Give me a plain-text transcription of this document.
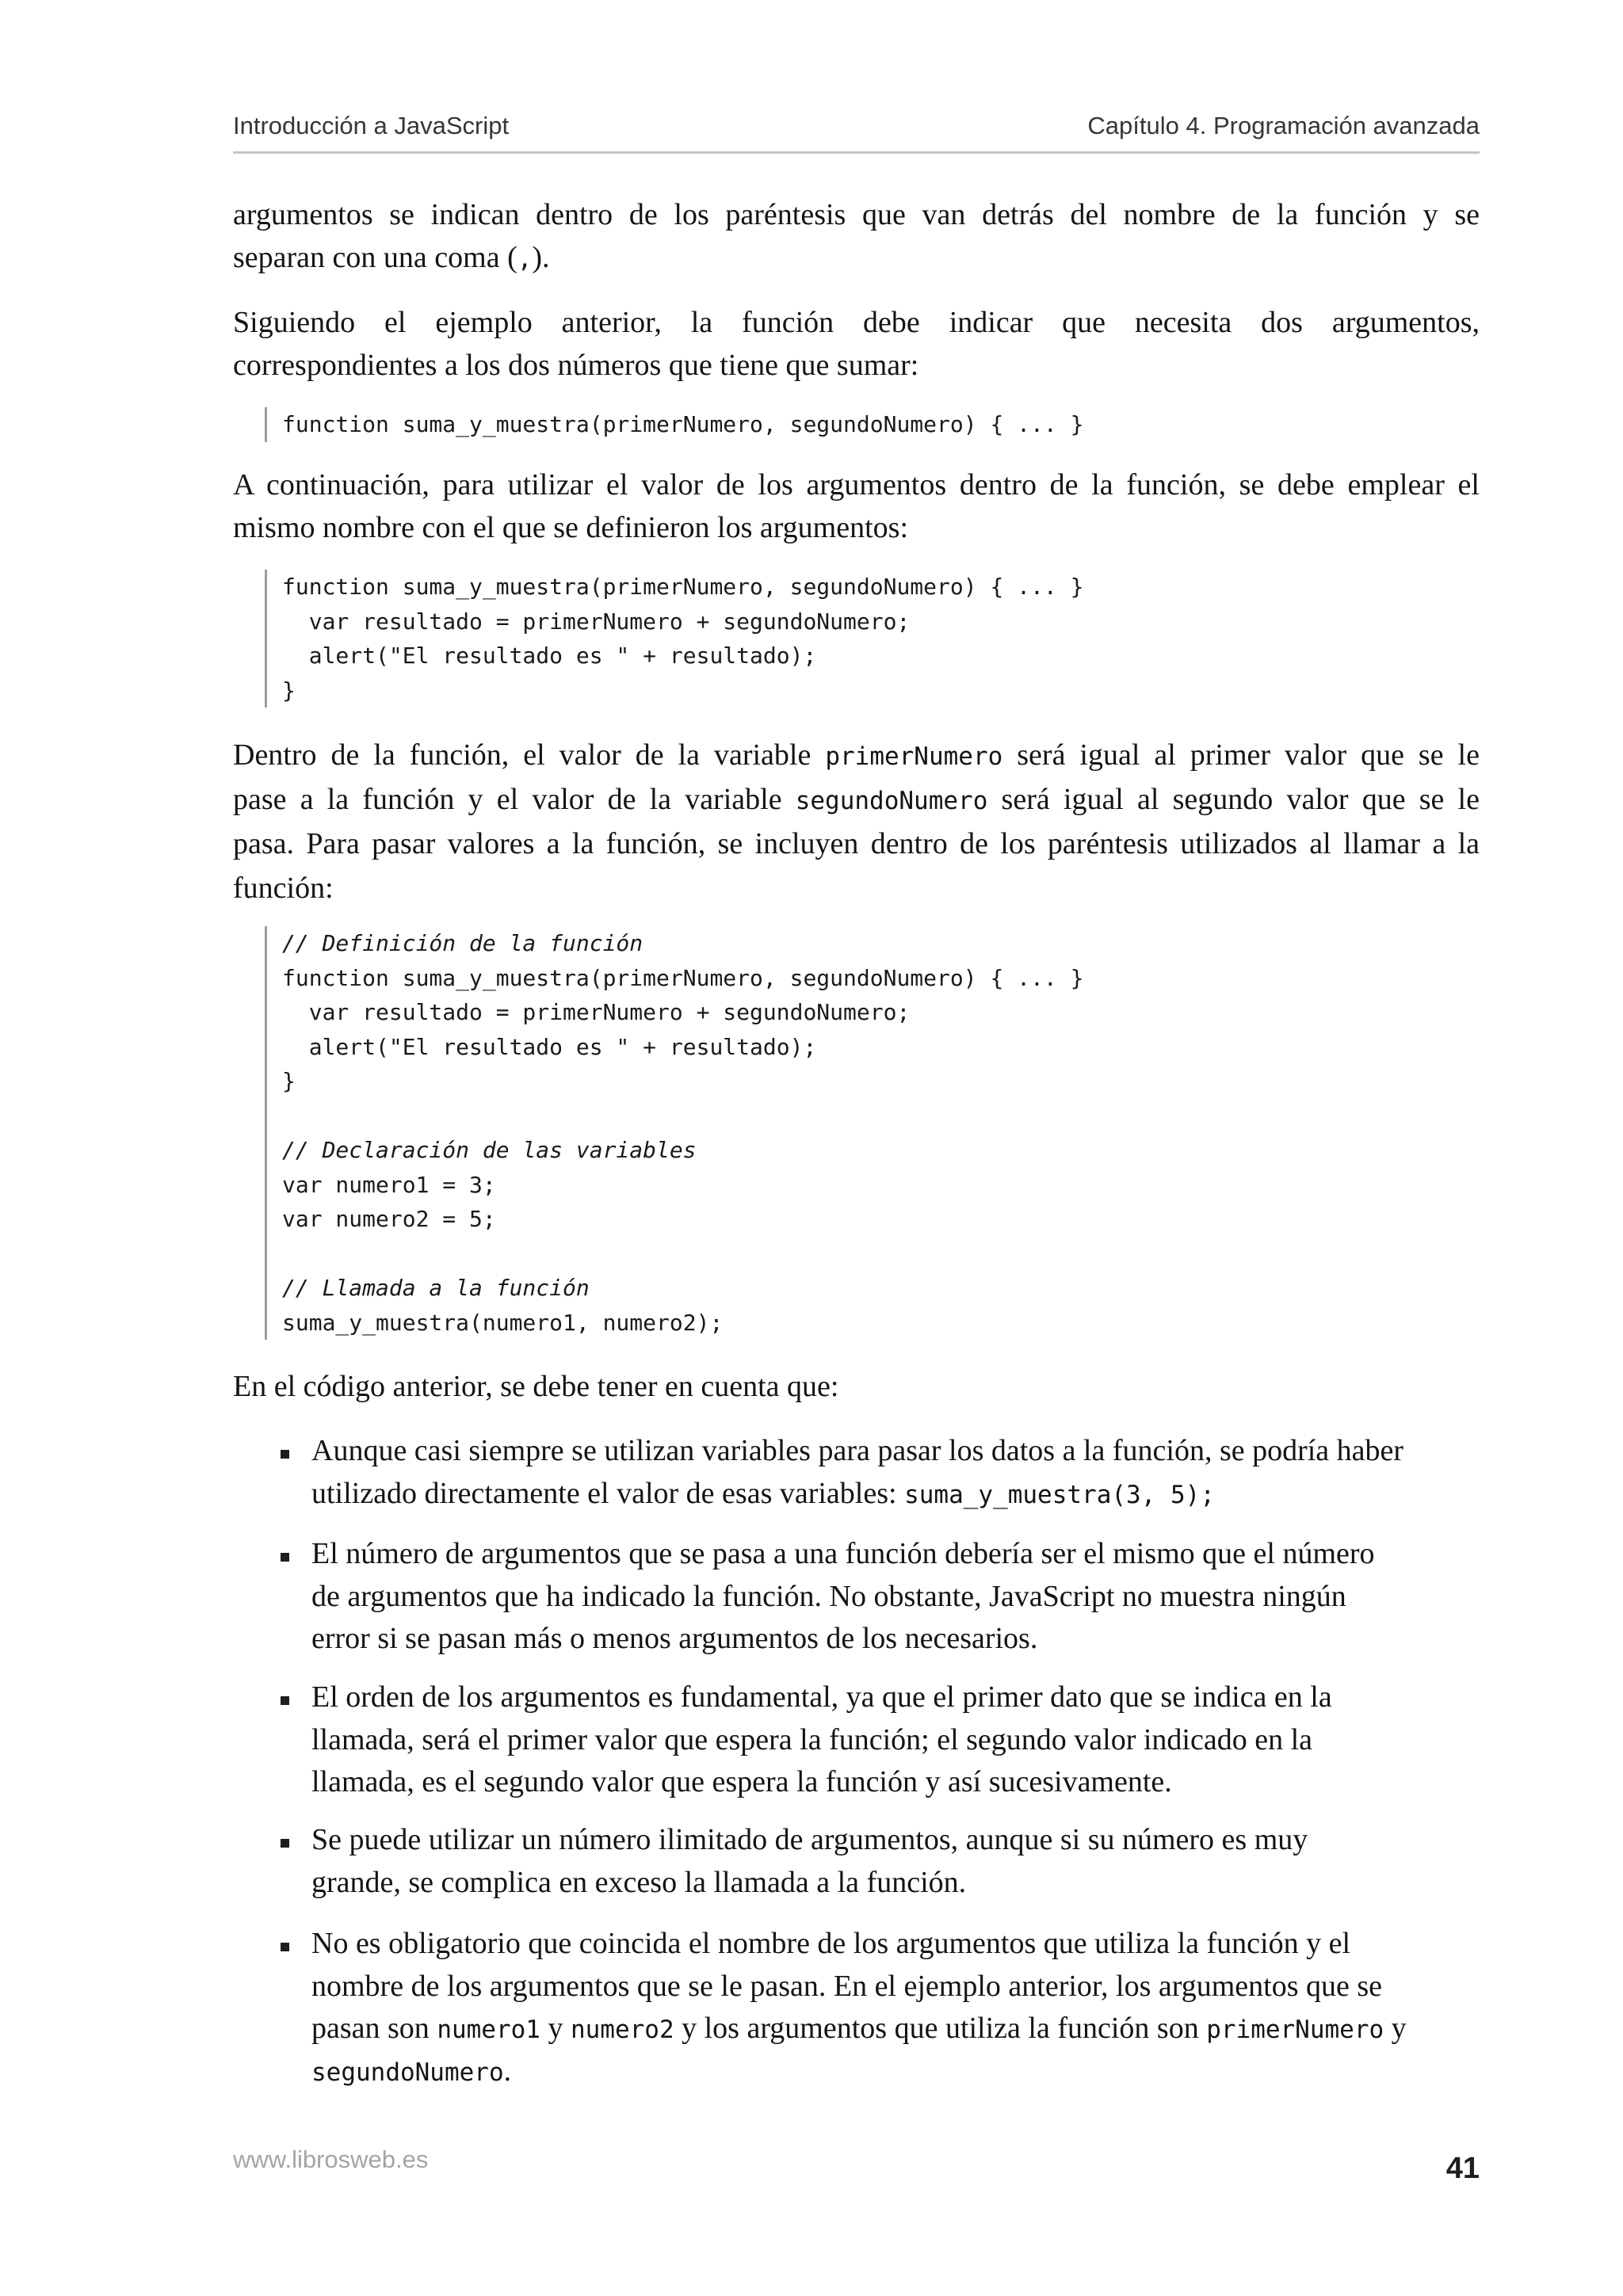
Introducción a JavaScript	Capítulo 4. Programación avanzada
argumentos se indican dentro de los paréntesis que van detrás del nombre de la función y se
separan con una coma (,).
Siguiendo el ejemplo anterior, la función debe indicar que necesita dos argumentos,
correspondientes a los dos números que tiene que sumar:
function suma_y_muestra(primerNumero, segundoNumero) { ... }
A continuación, para utilizar el valor de los argumentos dentro de la función, se debe emplear el
mismo nombre con el que se definieron los argumentos:
function suma_y_muestra(primerNumero, segundoNumero) { ... }
var resultado = primerNumero + segundoNumero;
alert("El resultado es " + resultado);
}
Dentro de la función, el valor de la variable primerNumero será igual al primer valor que se le
pase a la función y el valor de la variable segundoNumero será igual al segundo valor que se le
pasa. Para pasar valores a la función, se incluyen dentro de los paréntesis utilizados al llamar a la
función:
// Definición de la función
function suma_y_muestra(primerNumero, segundoNumero) { ... }
var resultado = primerNumero + segundoNumero;
alert("El resultado es " + resultado);
}
// Declaración de las variables
var numero1 = 3;
var numero2 = 5;
// Llamada a la función
suma_y_muestra(numero1, numero2);
En el código anterior, se debe tener en cuenta que:
Aunque casi siempre se utilizan variables para pasar los datos a la función, se podría haber
utilizado directamente el valor de esas variables: suma_y_muestra(3, 5);
El número de argumentos que se pasa a una función debería ser el mismo que el número
de argumentos que ha indicado la función. No obstante, JavaScript no muestra ningún
error si se pasan más o menos argumentos de los necesarios.
El orden de los argumentos es fundamental, ya que el primer dato que se indica en la
llamada, será el primer valor que espera la función; el segundo valor indicado en la
llamada, es el segundo valor que espera la función y así sucesivamente.
Se puede utilizar un número ilimitado de argumentos, aunque si su número es muy
grande, se complica en exceso la llamada a la función.
No es obligatorio que coincida el nombre de los argumentos que utiliza la función y el
nombre de los argumentos que se le pasan. En el ejemplo anterior, los argumentos que se
pasan son numero1 y numero2 y los argumentos que utiliza la función son primerNumero y
segundoNumero.
www.librosweb.es	41
